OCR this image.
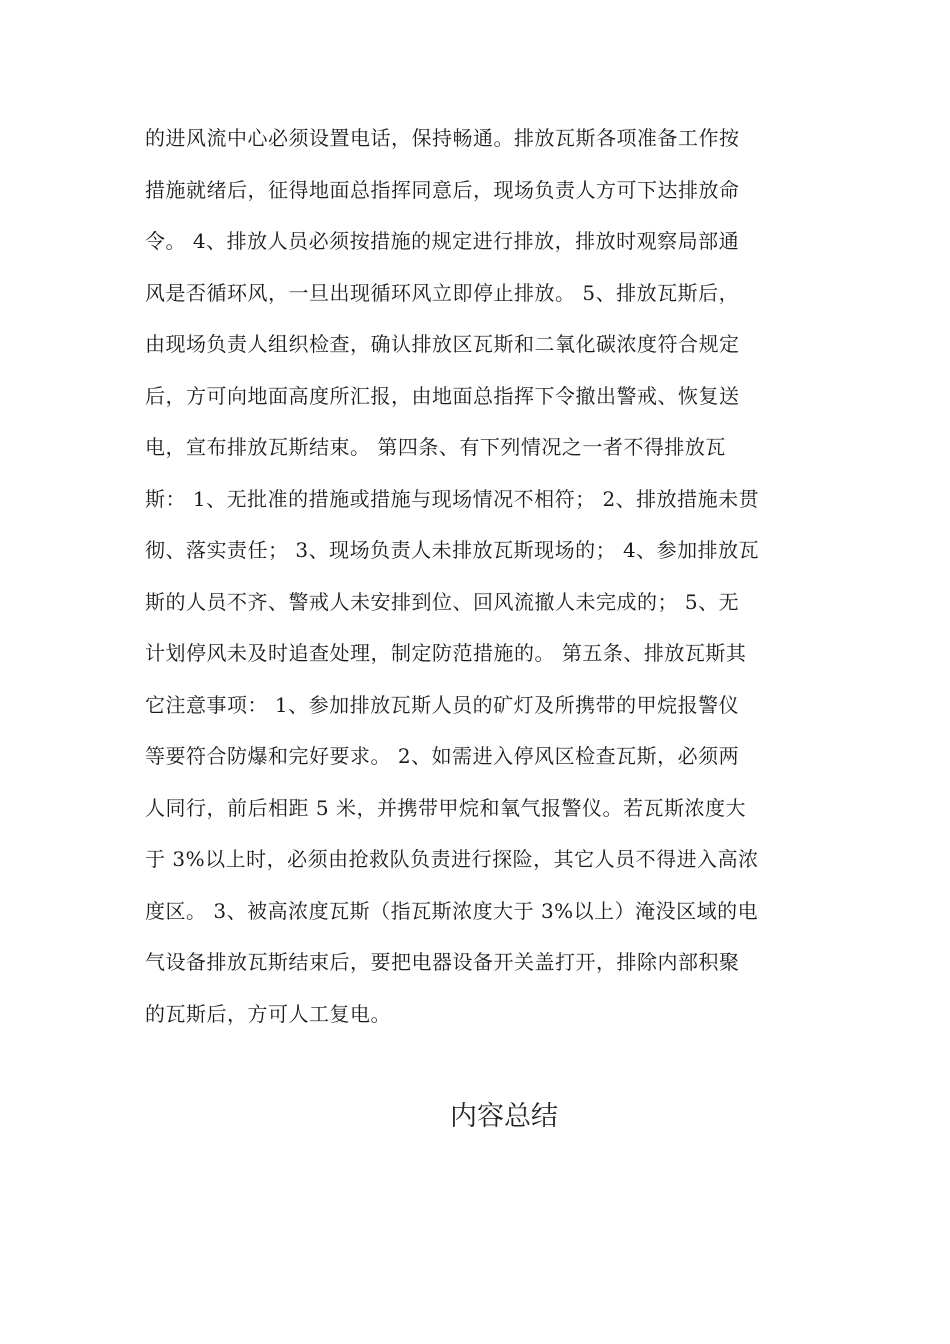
的进风流中心必须设置电话，保持畅通。排放瓦斯各项准备工作按
措施就绪后，征得地面总指挥同意后，现场负责人方可下达排放命
令。 4、排放人员必须按措施的规定进行排放，排放时观察局部通
风是否循环风，一旦出现循环风立即停止排放。 5、排放瓦斯后，
由现场负责人组织检查，确认排放区瓦斯和二氧化碳浓度符合规定
后，方可向地面高度所汇报，由地面总指挥下令撤出警戒、恢复送
电，宣布排放瓦斯结束。 第四条、有下列情况之一者不得排放瓦
斯： 1、无批准的措施或措施与现场情况不相符； 2、排放措施未贯
彻、落实责任； 3、现场负责人未排放瓦斯现场的； 4、参加排放瓦
斯的人员不齐、警戒人未安排到位、回风流撤人未完成的； 5、无
计划停风未及时追查处理，制定防范措施的。 第五条、排放瓦斯其
它注意事项： 1、参加排放瓦斯人员的矿灯及所携带的甲烷报警仪
等要符合防爆和完好要求。 2、如需进入停风区检查瓦斯，必须两
人同行，前后相距 5 米，并携带甲烷和氧气报警仪。若瓦斯浓度大
于 3%以上时，必须由抢救队负责进行探险，其它人员不得进入高浓
度区。 3、被高浓度瓦斯（指瓦斯浓度大于 3%以上）淹没区域的电
气设备排放瓦斯结束后，要把电器设备开关盖打开，排除内部积聚
的瓦斯后，方可人工复电。
内容总结
